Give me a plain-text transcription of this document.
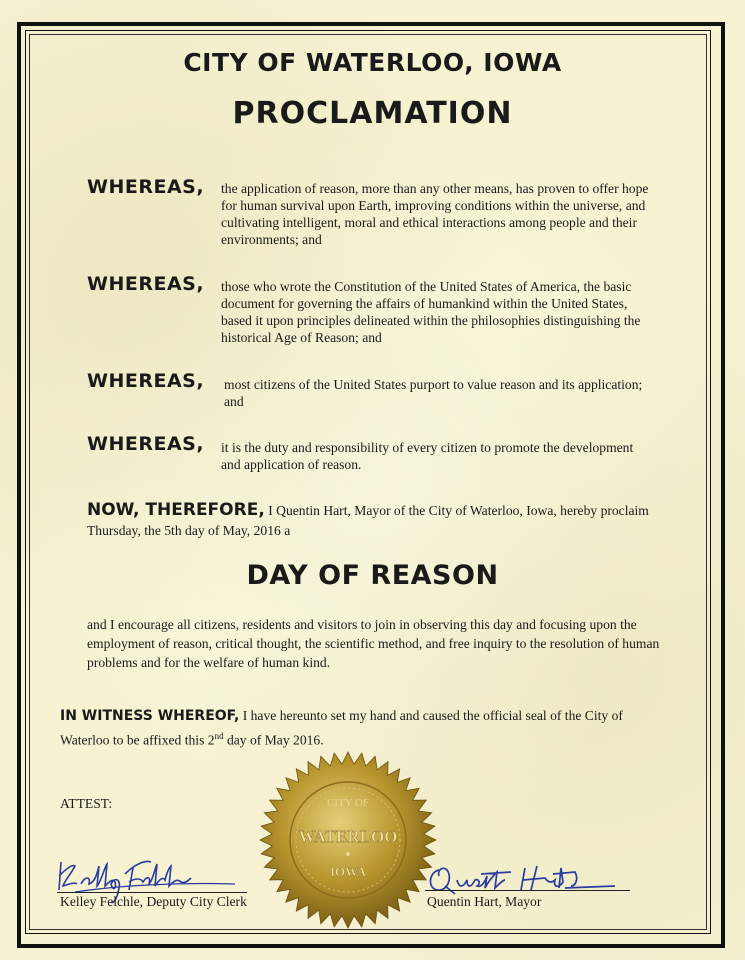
CITY OF WATERLOO, IOWA
PROCLAMATION
WHEREAS, the application of reason, more than any other means, has proven to offer hope for human survival upon Earth, improving conditions within the universe, and cultivating intelligent, moral and ethical interactions among people and their environments; and
WHEREAS, those who wrote the Constitution of the United States of America, the basic document for governing the affairs of humankind within the United States, based it upon principles delineated within the philosophies distinguishing the historical Age of Reason; and
WHEREAS, most citizens of the United States purport to value reason and its application; and
WHEREAS, it is the duty and responsibility of every citizen to promote the development and application of reason.
NOW, THEREFORE, I Quentin Hart, Mayor of the City of Waterloo, Iowa, hereby proclaim Thursday, the 5th day of May, 2016 a
DAY OF REASON
and I encourage all citizens, residents and visitors to join in observing this day and focusing upon the employment of reason, critical thought, the scientific method, and free inquiry to the resolution of human problems and for the welfare of human kind.
IN WITNESS WHEREOF, I have hereunto set my hand and caused the official seal of the City of Waterloo to be affixed this 2nd day of May 2016.
ATTEST:	CITY OF
WATERLOO
IOWA
Kelley Felchle, Deputy City Clerk	Quentin Hart, Mayor
